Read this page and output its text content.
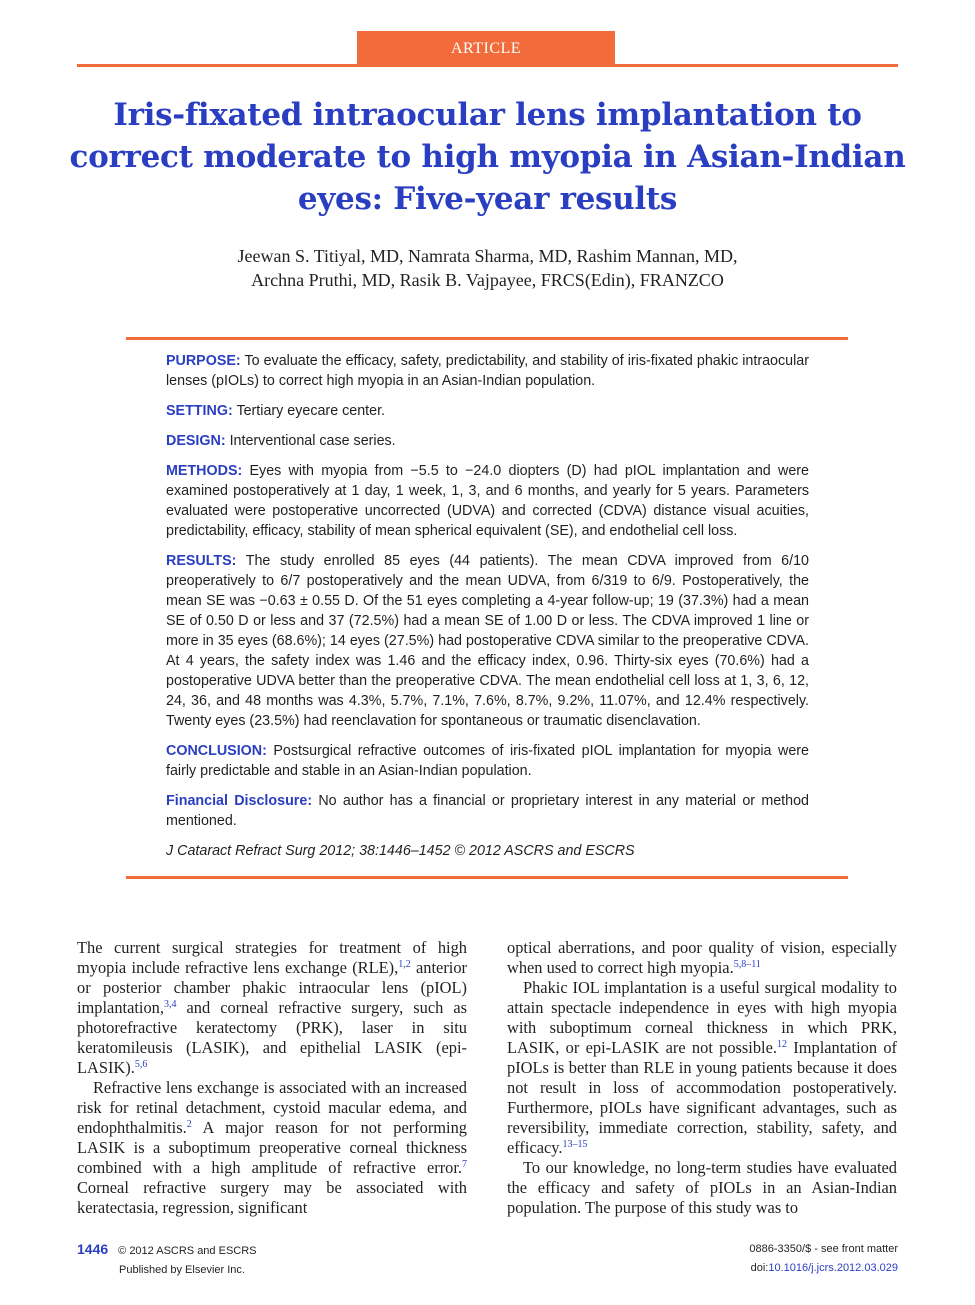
ARTICLE
Iris-fixated intraocular lens implantation to correct moderate to high myopia in Asian-Indian eyes: Five-year results
Jeewan S. Titiyal, MD, Namrata Sharma, MD, Rashim Mannan, MD,
Archna Pruthi, MD, Rasik B. Vajpayee, FRCS(Edin), FRANZCO

PURPOSE: To evaluate the efficacy, safety, predictability, and stability of iris-fixated phakic intraocular lenses (pIOLs) to correct high myopia in an Asian-Indian population.

SETTING: Tertiary eyecare center.

DESIGN: Interventional case series.

METHODS: Eyes with myopia from −5.5 to −24.0 diopters (D) had pIOL implantation and were examined postoperatively at 1 day, 1 week, 1, 3, and 6 months, and yearly for 5 years. Parameters evaluated were postoperative uncorrected (UDVA) and corrected (CDVA) distance visual acuities, predictability, efficacy, stability of mean spherical equivalent (SE), and endothelial cell loss.

RESULTS: The study enrolled 85 eyes (44 patients). The mean CDVA improved from 6/10 preoperatively to 6/7 postoperatively and the mean UDVA, from 6/319 to 6/9. Postoperatively, the mean SE was −0.63 ± 0.55 D. Of the 51 eyes completing a 4-year follow-up; 19 (37.3%) had a mean SE of 0.50 D or less and 37 (72.5%) had a mean SE of 1.00 D or less. The CDVA improved 1 line or more in 35 eyes (68.6%); 14 eyes (27.5%) had postoperative CDVA similar to the preoperative CDVA. At 4 years, the safety index was 1.46 and the efficacy index, 0.96. Thirty-six eyes (70.6%) had a postoperative UDVA better than the preoperative CDVA. The mean endothelial cell loss at 1, 3, 6, 12, 24, 36, and 48 months was 4.3%, 5.7%, 7.1%, 7.6%, 8.7%, 9.2%, 11.07%, and 12.4% respectively. Twenty eyes (23.5%) had reenclavation for spontaneous or traumatic disenclavation.

CONCLUSION: Postsurgical refractive outcomes of iris-fixated pIOL implantation for myopia were fairly predictable and stable in an Asian-Indian population.

Financial Disclosure: No author has a financial or proprietary interest in any material or method mentioned.

J Cataract Refract Surg 2012; 38:1446–1452 © 2012 ASCRS and ESCRS

The current surgical strategies for treatment of high myopia include refractive lens exchange (RLE),$^{1,2}$ anterior or posterior chamber phakic intraocular lens (pIOL) implantation,$^{3,4}$ and corneal refractive surgery, such as photorefractive keratectomy (PRK), laser in situ keratomileusis (LASIK), and epithelial LASIK (epi-LASIK).$^{5,6}$

Refractive lens exchange is associated with an increased risk for retinal detachment, cystoid macular edema, and endophthalmitis.$^2$ A major reason for not performing LASIK is a suboptimum preoperative corneal thickness combined with a high amplitude of refractive error.$^7$ Corneal refractive surgery may be associated with keratectasia, regression, significant

optical aberrations, and poor quality of vision, especially when used to correct high myopia.$^{5,8-11}$

Phakic IOL implantation is a useful surgical modality to attain spectacle independence in eyes with high myopia with suboptimum corneal thickness in which PRK, LASIK, or epi-LASIK are not possible.$^{12}$ Implantation of pIOLs is better than RLE in young patients because it does not result in loss of accommodation postoperatively. Furthermore, pIOLs have significant advantages, such as reversibility, immediate correction, stability, safety, and efficacy.$^{13-15}$

To our knowledge, no long-term studies have evaluated the efficacy and safety of pIOLs in an Asian-Indian population. The purpose of this study was to

1446 © 2012 ASCRS and ESCRS
Published by Elsevier Inc.
0886-3350/$ - see front matter
doi:10.1016/j.jcrs.2012.03.029
